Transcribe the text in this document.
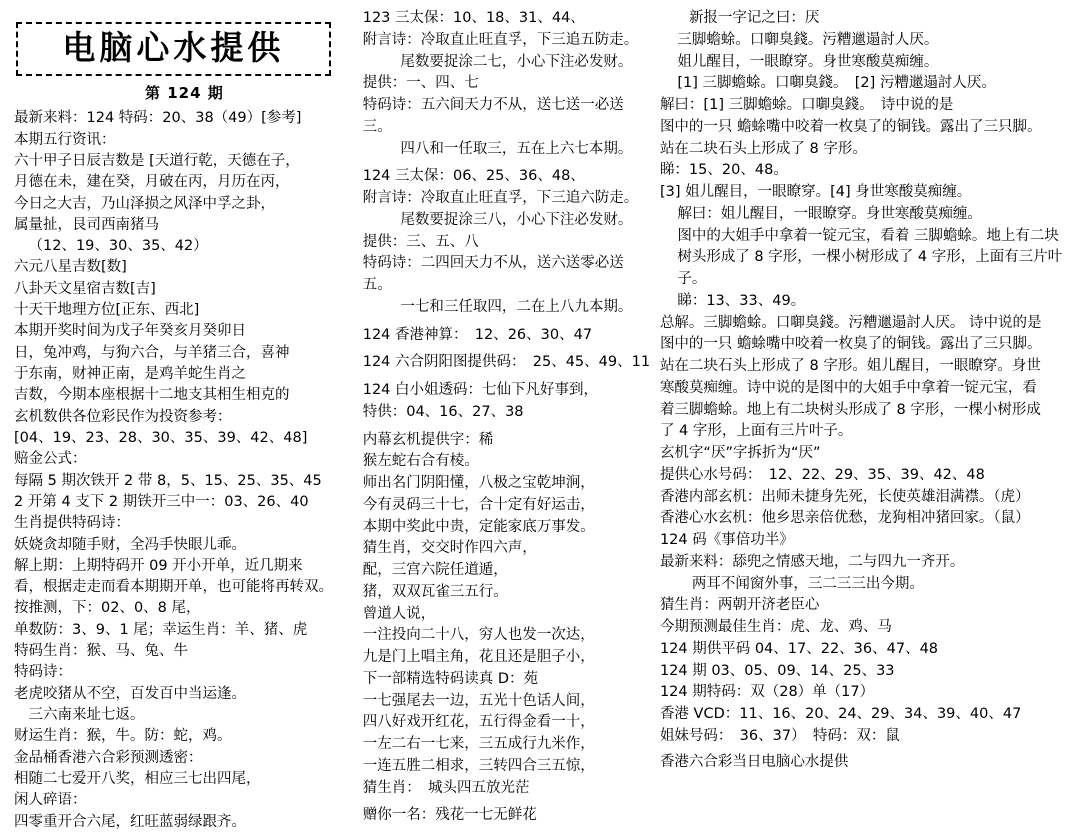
电脑心水提供
第 124 期
最新来料：124 特码：20、38（49）[参考]
本期五行资讯：
六十甲子日辰吉数是 [天道行乾，天德在子，
月德在未，建在癸，月破在丙，月历在丙，
今日之大吉，乃山泽损之风泽中孚之卦，
属量扯，艮司西南猪马
（12、19、30、35、42）
六元八星吉数[数]
八卦天文星宿吉数[吉]
十天干地理方位[正东、西北]
本期开奖时间为戊子年癸亥月癸卯日
日，兔冲鸡，与狗六合，与羊猪三合，喜神
于东南，财神正南，是鸡羊蛇生肖之
吉数，今期本座根据十二地支其相生相克的
玄机数供各位彩民作为投资参考：
[04、19、23、28、30、35、39、42、48]
赔金公式：
每隔 5 期次铁开 2 带 8，5、15、25、35、45
2 开第 4 支下 2 期铁开三中一：03、26、40
生肖提供特码诗：
妖娆贪却随手财，全冯手快眼儿乖。
解上期：上期特码开 09 开小开单，近几期来
看，根据走走而看本期期开单，也可能将再转双。
按推测，下：02、0、8 尾，
单数防：3、9、1 尾；幸运生肖：羊、猪、虎
特码生肖：猴、马、兔、牛
特码诗：
老虎咬猪从不空，百发百中当运逢。
三六南来址七返。
财运生肖：猴，牛。防：蛇，鸡。
金品桶香港六合彩预测透密：
相随二七爱开八奖，相应三七出四尾，
闲人碎语：
四零重开合六尾，红旺蓝弱绿跟齐。
123 三太保：10、18、31、44、
附言诗：冷取直止旺直孚，下三追五防走。
尾数要捉涂二七，小心下注必发财。
提供：一、四、七
特码诗：五六间天力不从，送七送一必送三。
四八和一任取三，五在上六七本期。
124 三太保：06、25、36、48、
附言诗：冷取直止旺直孚，下三追六防走。
尾数要捉涂三八，小心下注必发财。
提供：三、五、八
特码诗：二四回天力不从，送六送零必送五。
一七和三任取四，二在上八九本期。
124 香港神算：　12、26、30、47
124 六合阴阳图提供码：　25、45、49、11
124 白小姐透码：七仙下凡好事到，
特供：04、16、27、38
内幕玄机提供字：稀
猴左蛇右合有棱。
师出名门阴阳懂，八极之宝乾坤涧，
今有灵码三十七，合十定有好运击，
本期中奖此中贵，定能家底万事发。
猜生肖，交交时作四六声，
配，三宫六院任道遁，
猪，双双瓦雀三五行。
曾道人说，
一注投向二十八，穷人也发一次达，
九是门上唱主角，花且还是胆子小，
下一部精选特码读真 D：苑
一七强尾去一边，五光十色话人间，
四八好戏开红花，五行得金看一十，
一左二右一七来，三五成行九米作，
一连五胜二相求，三转四合三五惊，
猜生肖：　城头四五放光茫
赠你一名：残花一七无鲜花
新报一字记之曰：厌
三脚蟾蜍。口啣臭錢。污糟邋遢討人厌。
姐儿醒目，一眼瞭穿。身世寒酸莫痴缠。
[1] 三脚蟾蜍。口啣臭錢。　[2] 污糟邋遢討人厌。
解曰：[1] 三脚蟾蜍。口啣臭錢。　诗中说的是
图中的一只 蟾蜍嘴中咬着一枚臭了的铜钱。露出了三只脚。
站在二块石头上形成了 8 字形。
睇：15、20、48。
[3] 姐儿醒目，一眼瞭穿。[4] 身世寒酸莫痴缠。
解曰：姐儿醒目，一眼瞭穿。身世寒酸莫痴缠。
图中的大姐手中拿着一锭元宝，看着 三脚蟾蜍。地上有二块
树头形成了 8 字形，一棵小树形成了 4 字形，上面有三片叶
子。
睇：13、33、49。
总解。三脚蟾蜍。口啣臭錢。污糟邋遢討人厌。 诗中说的是
图中的一只 蟾蜍嘴中咬着一枚臭了的铜钱。露出了三只脚。
站在二块石头上形成了 8 字形。姐儿醒目，一眼瞭穿。身世
寒酸莫痴缠。诗中说的是图中的大姐手中拿着一锭元宝，看
着三脚蟾蜍。地上有二块树头形成了 8 字形，一棵小树形成
了 4 字形，上面有三片叶子。
玄机字“厌”字拆折为“厌”
提供心水号码：　12、22、29、35、39、42、48
香港内部玄机：出师未捷身先死，长使英雄泪满襟。（虎）
香港心水玄机：他乡思亲倍优愁，龙狗相冲猪回家。（鼠）
124 码《事倍功半》
最新来料：舔兜之情感天地，二与四九一齐开。
两耳不闻窗外事，三二三三出今期。
猜生肖：两朝开济老臣心
今期预测最佳生肖：虎、龙、鸡、马
124 期供平码 04、17、22、36、47、48
124 期 03、05、09、14、25、33
124 期特码：双（28）单（17）
香港 VCD：11、16、20、24、29、34、39、40、47
姐妹号码：　36、37）　特码：双：鼠
香港六合彩当日电脑心水提供
